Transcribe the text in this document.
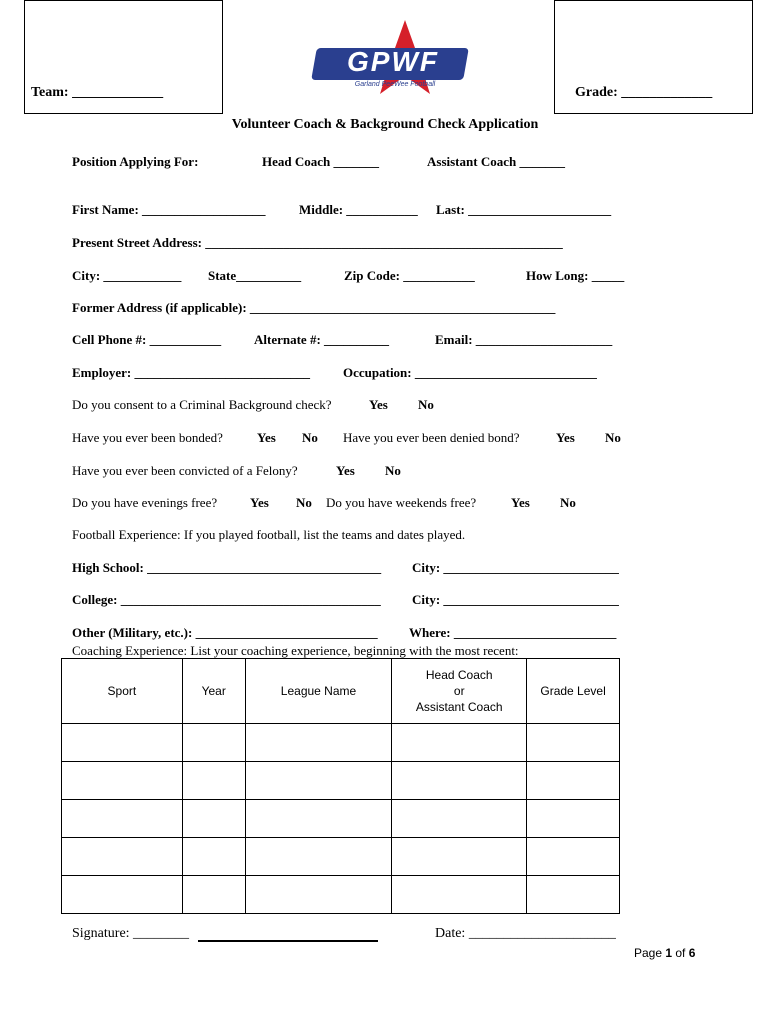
Team: _____________	Grade: _____________
GPWF
Garland PeeWee Football
Volunteer Coach & Background Check Application
Position Applying For:	Head Coach _______	Assistant Coach _______
First Name: ___________________	Middle: ___________ Last: ______________________
Present Street Address: _______________________________________________________
City: ____________ State__________	Zip Code: ___________	How Long: _____
Former Address (if applicable): _______________________________________________
Cell Phone #: ___________	Alternate #: __________	Email: _____________________
Employer: ___________________________	Occupation: ____________________________
Do you consent to a Criminal Background check?	Yes No
Have you ever been bonded?	Yes No Have you ever been denied bond?	Yes No
Have you ever been convicted of a Felony?	Yes No
Do you have evenings free?	Yes No Do you have weekends free?	Yes No
Football Experience: If you played football, list the teams and dates played.
High School: ____________________________________ City: ___________________________
College: ________________________________________ City: ___________________________
Other (Military, etc.): ____________________________ Where: _________________________
Coaching Experience: List your coaching experience, beginning with the most recent:
Sport	Year	League Name	Head Coach
or
Assistant Coach	Grade Level

Signature: ________	Date: _____________________
Page 1 of 6
